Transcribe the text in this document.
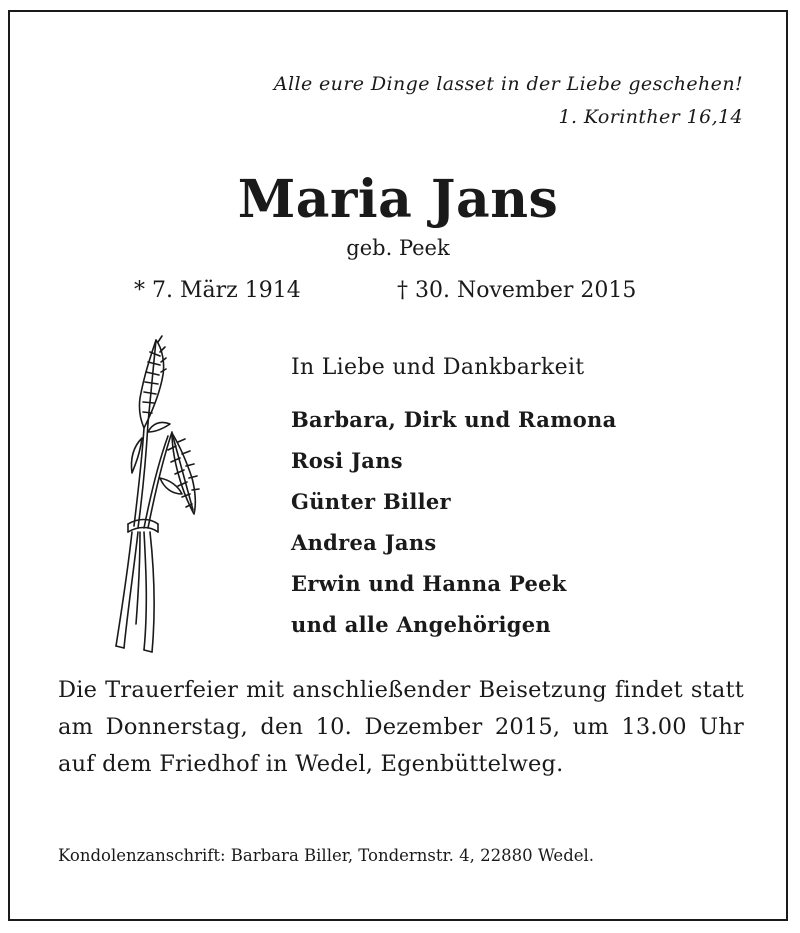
Alle eure Dinge lasset in der Liebe geschehen!
1. Korinther 16,14
Maria Jans
geb. Peek
* 7. März 1914	† 30. November 2015
In Liebe und Dankbarkeit
Barbara, Dirk und Ramona
Rosi Jans
Günter Biller
Andrea Jans
Erwin und Hanna Peek
und alle Angehörigen

Die Trauerfeier mit anschließender Beisetzung findet statt am Donnerstag, den 10. Dezember 2015, um 13.00 Uhr auf dem Friedhof in Wedel, Egenbüttelweg.

Kondolenzanschrift: Barbara Biller, Tondernstr. 4, 22880 Wedel.
